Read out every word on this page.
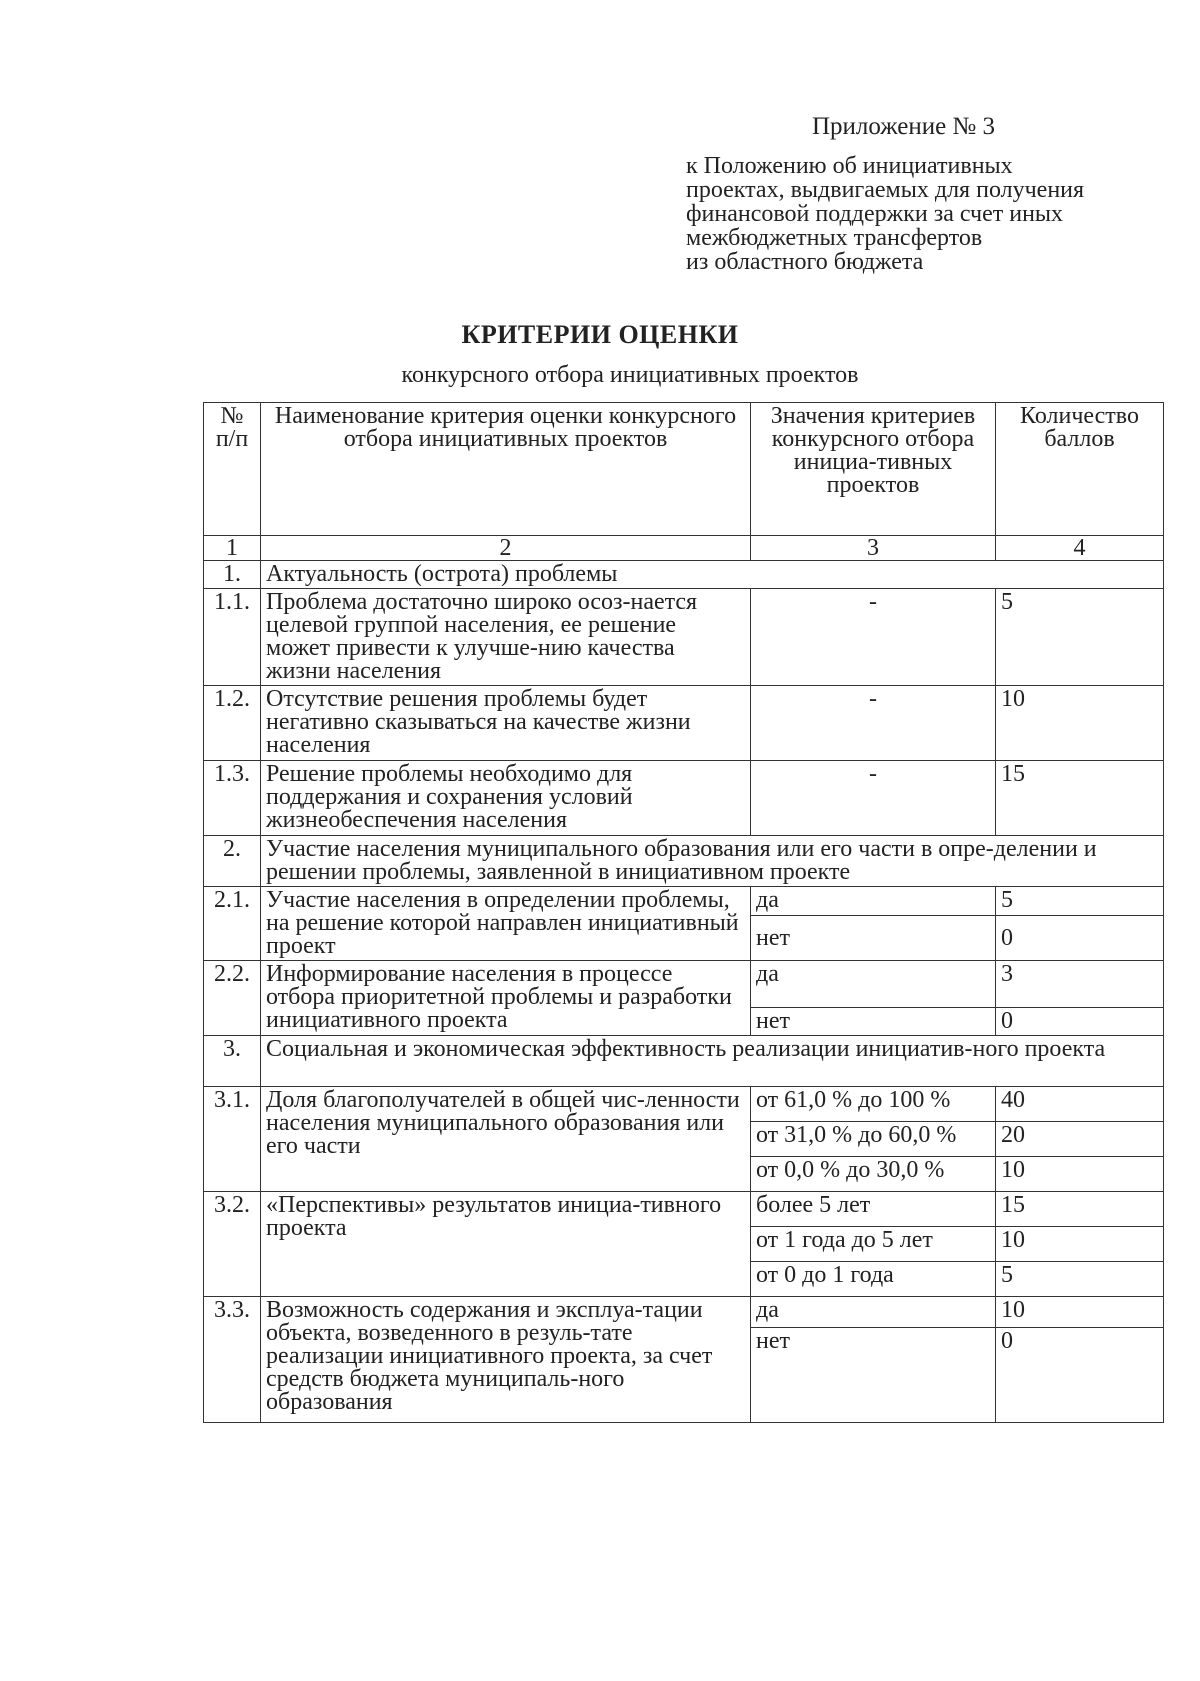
Приложение № 3
к Положению об инициативных
проектах, выдвигаемых для получения
финансовой поддержки за счет иных
межбюджетных трансфертов
из областного бюджета
КРИТЕРИИ ОЦЕНКИ
конкурсного отбора инициативных проектов
№ п/п	Наименование критерия оценки конкурсного отбора инициативных проектов	Значения критериев конкурсного отбора инициа-тивных проектов	Количество баллов
1	2	3	4
1.	Актуальность (острота) проблемы		
1.1.	Проблема достаточно широко осоз-нается целевой группой населения, ее решение может привести к улучше-нию качества жизни населения	-	5
1.2.	Отсутствие решения проблемы будет негативно сказываться на качестве жизни населения	-	10
1.3.	Решение проблемы необходимо для поддержания и сохранения условий жизнеобеспечения населения	-	15
2.	Участие населения муниципального образования или его части в опре-делении и решении проблемы, заявленной в инициативном проекте		
2.1.	Участие населения в определении проблемы, на решение которой направлен инициативный проект	да	5
		нет	0
2.2.	Информирование населения в процессе отбора приоритетной проблемы и разработки инициативного проекта	да	3
		нет	0
3.	Социальная и экономическая эффективность реализации инициатив-ного проекта		
3.1.	Доля благополучателей в общей чис-ленности населения муниципального образования или его части	от 61,0 % до 100 %	40
		от 31,0 % до 60,0 %	20
		от 0,0 % до 30,0 %	10
3.2.	«Перспективы» результатов инициа-тивного проекта	более 5 лет	15
		от 1 года до 5 лет	10
		от 0 до 1 года	5
3.3.	Возможность содержания и эксплуа-тации объекта, возведенного в резуль-тате реализации инициативного проекта, за счет средств бюджета муниципаль-ного образования	да	10
		нет	0
